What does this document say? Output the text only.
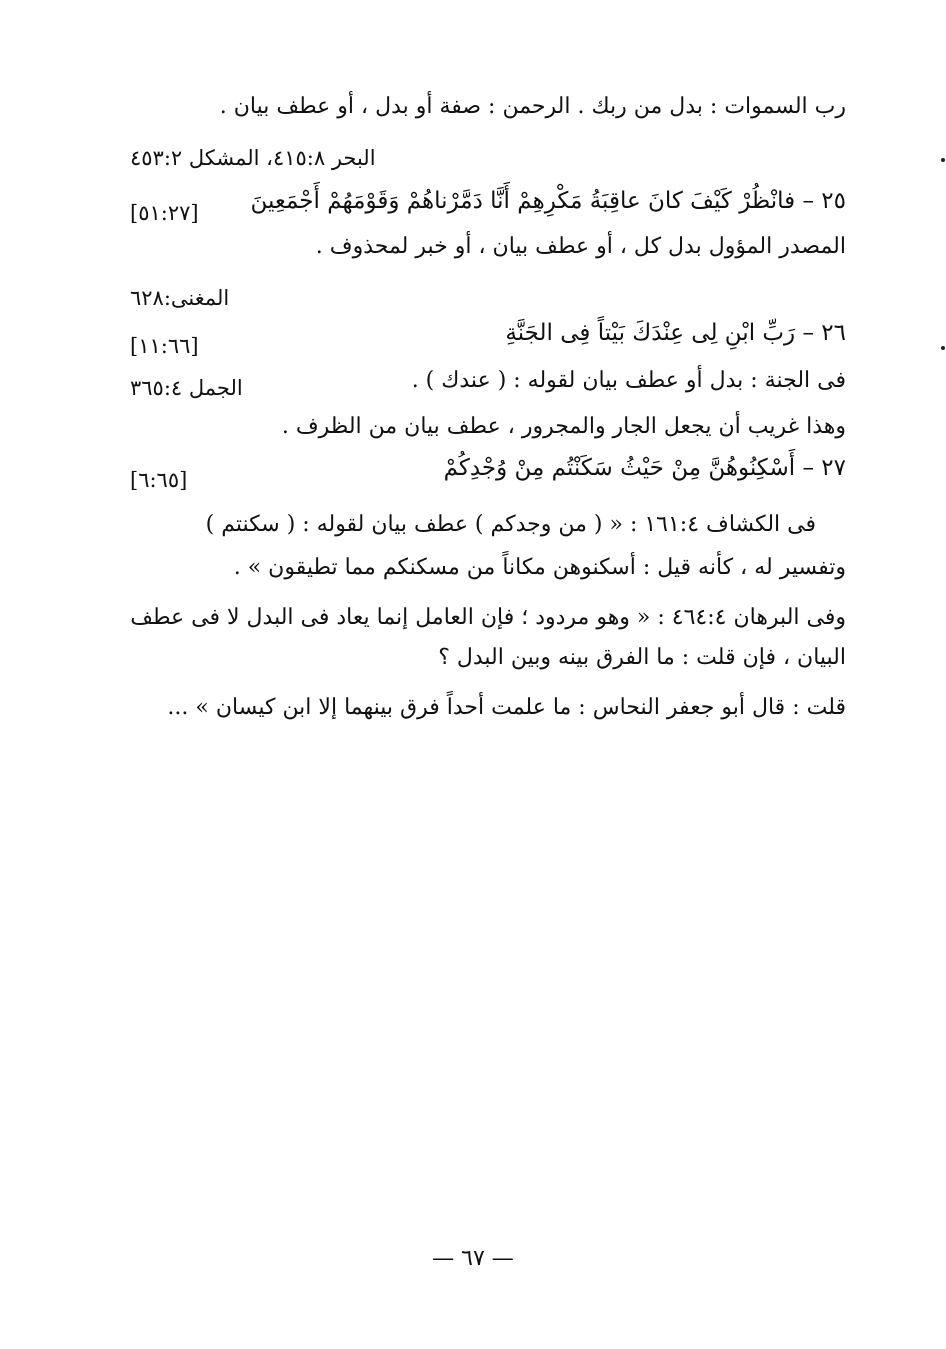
رب السموات : بدل من ربك . الرحمن : صفة أو بدل ، أو عطف بيان .
البحر ٤١٥:٨، المشكل ٤٥٣:٢
٢٥ – فانْظُرْ كَيْفَ كانَ عاقِبَةُ مَكْرِهِمْ أَنَّا دَمَّرْناهُمْ وَقَوْمَهُمْ أَجْمَعِينَ
[٥١:٢٧]
المصدر المؤول بدل كل ، أو عطف بيان ، أو خبر لمحذوف .
المغنى:٦٢٨
٢٦ – رَبِّ ابْنِ لِى عِنْدَكَ بَيْتاً فِى الجَنَّةِ
[١١:٦٦]
فى الجنة : بدل أو عطف بيان لقوله : ( عندك ) .
الجمل ٣٦٥:٤
وهذا غريب أن يجعل الجار والمجرور ، عطف بيان من الظرف .
٢٧ – أَسْكِنُوهُنَّ مِنْ حَيْثُ سَكَنْتُم مِنْ وُجْدِكُمْ
[٦:٦٥]
فى الكشاف ١٦١:٤ : « ( من وجدكم ) عطف بيان لقوله : ( سكنتم )
وتفسير له ، كأنه قيل : أسكنوهن مكاناً من مسكنكم مما تطيقون » .
وفى البرهان ٤٦٤:٤ : « وهو مردود ؛ فإن العامل إنما يعاد فى البدل لا فى عطف
البيان ، فإن قلت : ما الفرق بينه وبين البدل ؟
قلت : قال أبو جعفر النحاس : ما علمت أحداً فرق بينهما إلا ابن كيسان » ...
— ٦٧ —
